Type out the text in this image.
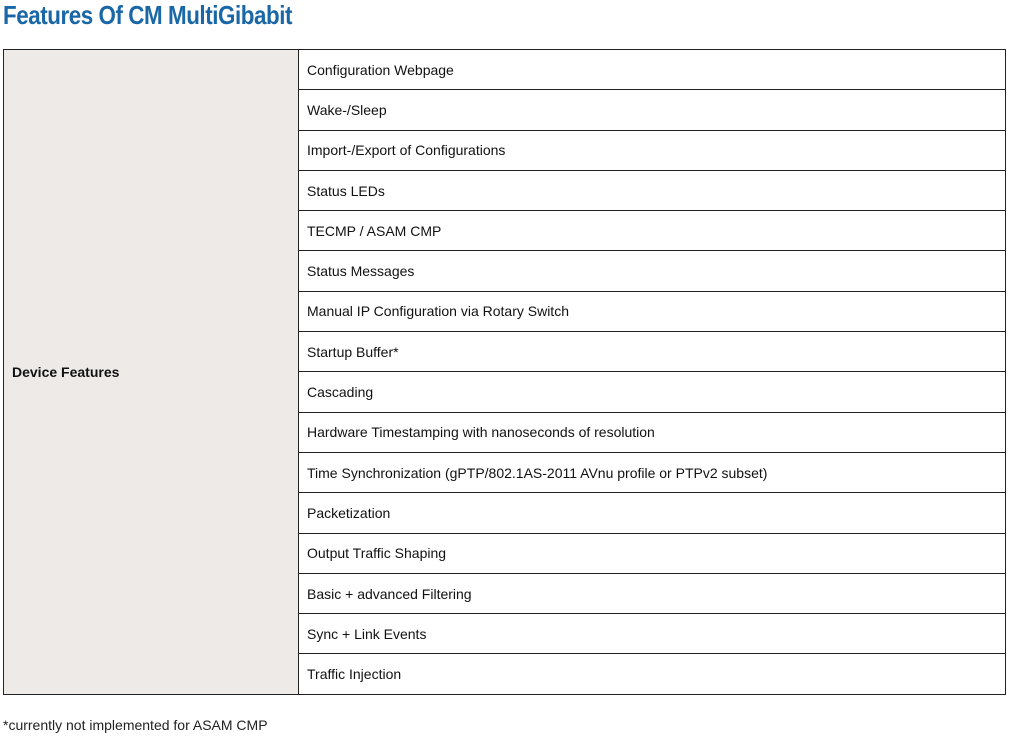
Features Of CM MultiGibabit
Device Features	Configuration Webpage
Wake-/Sleep
Import-/Export of Configurations
Status LEDs
TECMP / ASAM CMP
Status Messages
Manual IP Configuration via Rotary Switch
Startup Buffer*
Cascading
Hardware Timestamping with nanoseconds of resolution
Time Synchronization (gPTP/802.1AS-2011 AVnu profile or PTPv2 subset)
Packetization
Output Traffic Shaping
Basic + advanced Filtering
Sync + Link Events
Traffic Injection

*currently not implemented for ASAM CMP
